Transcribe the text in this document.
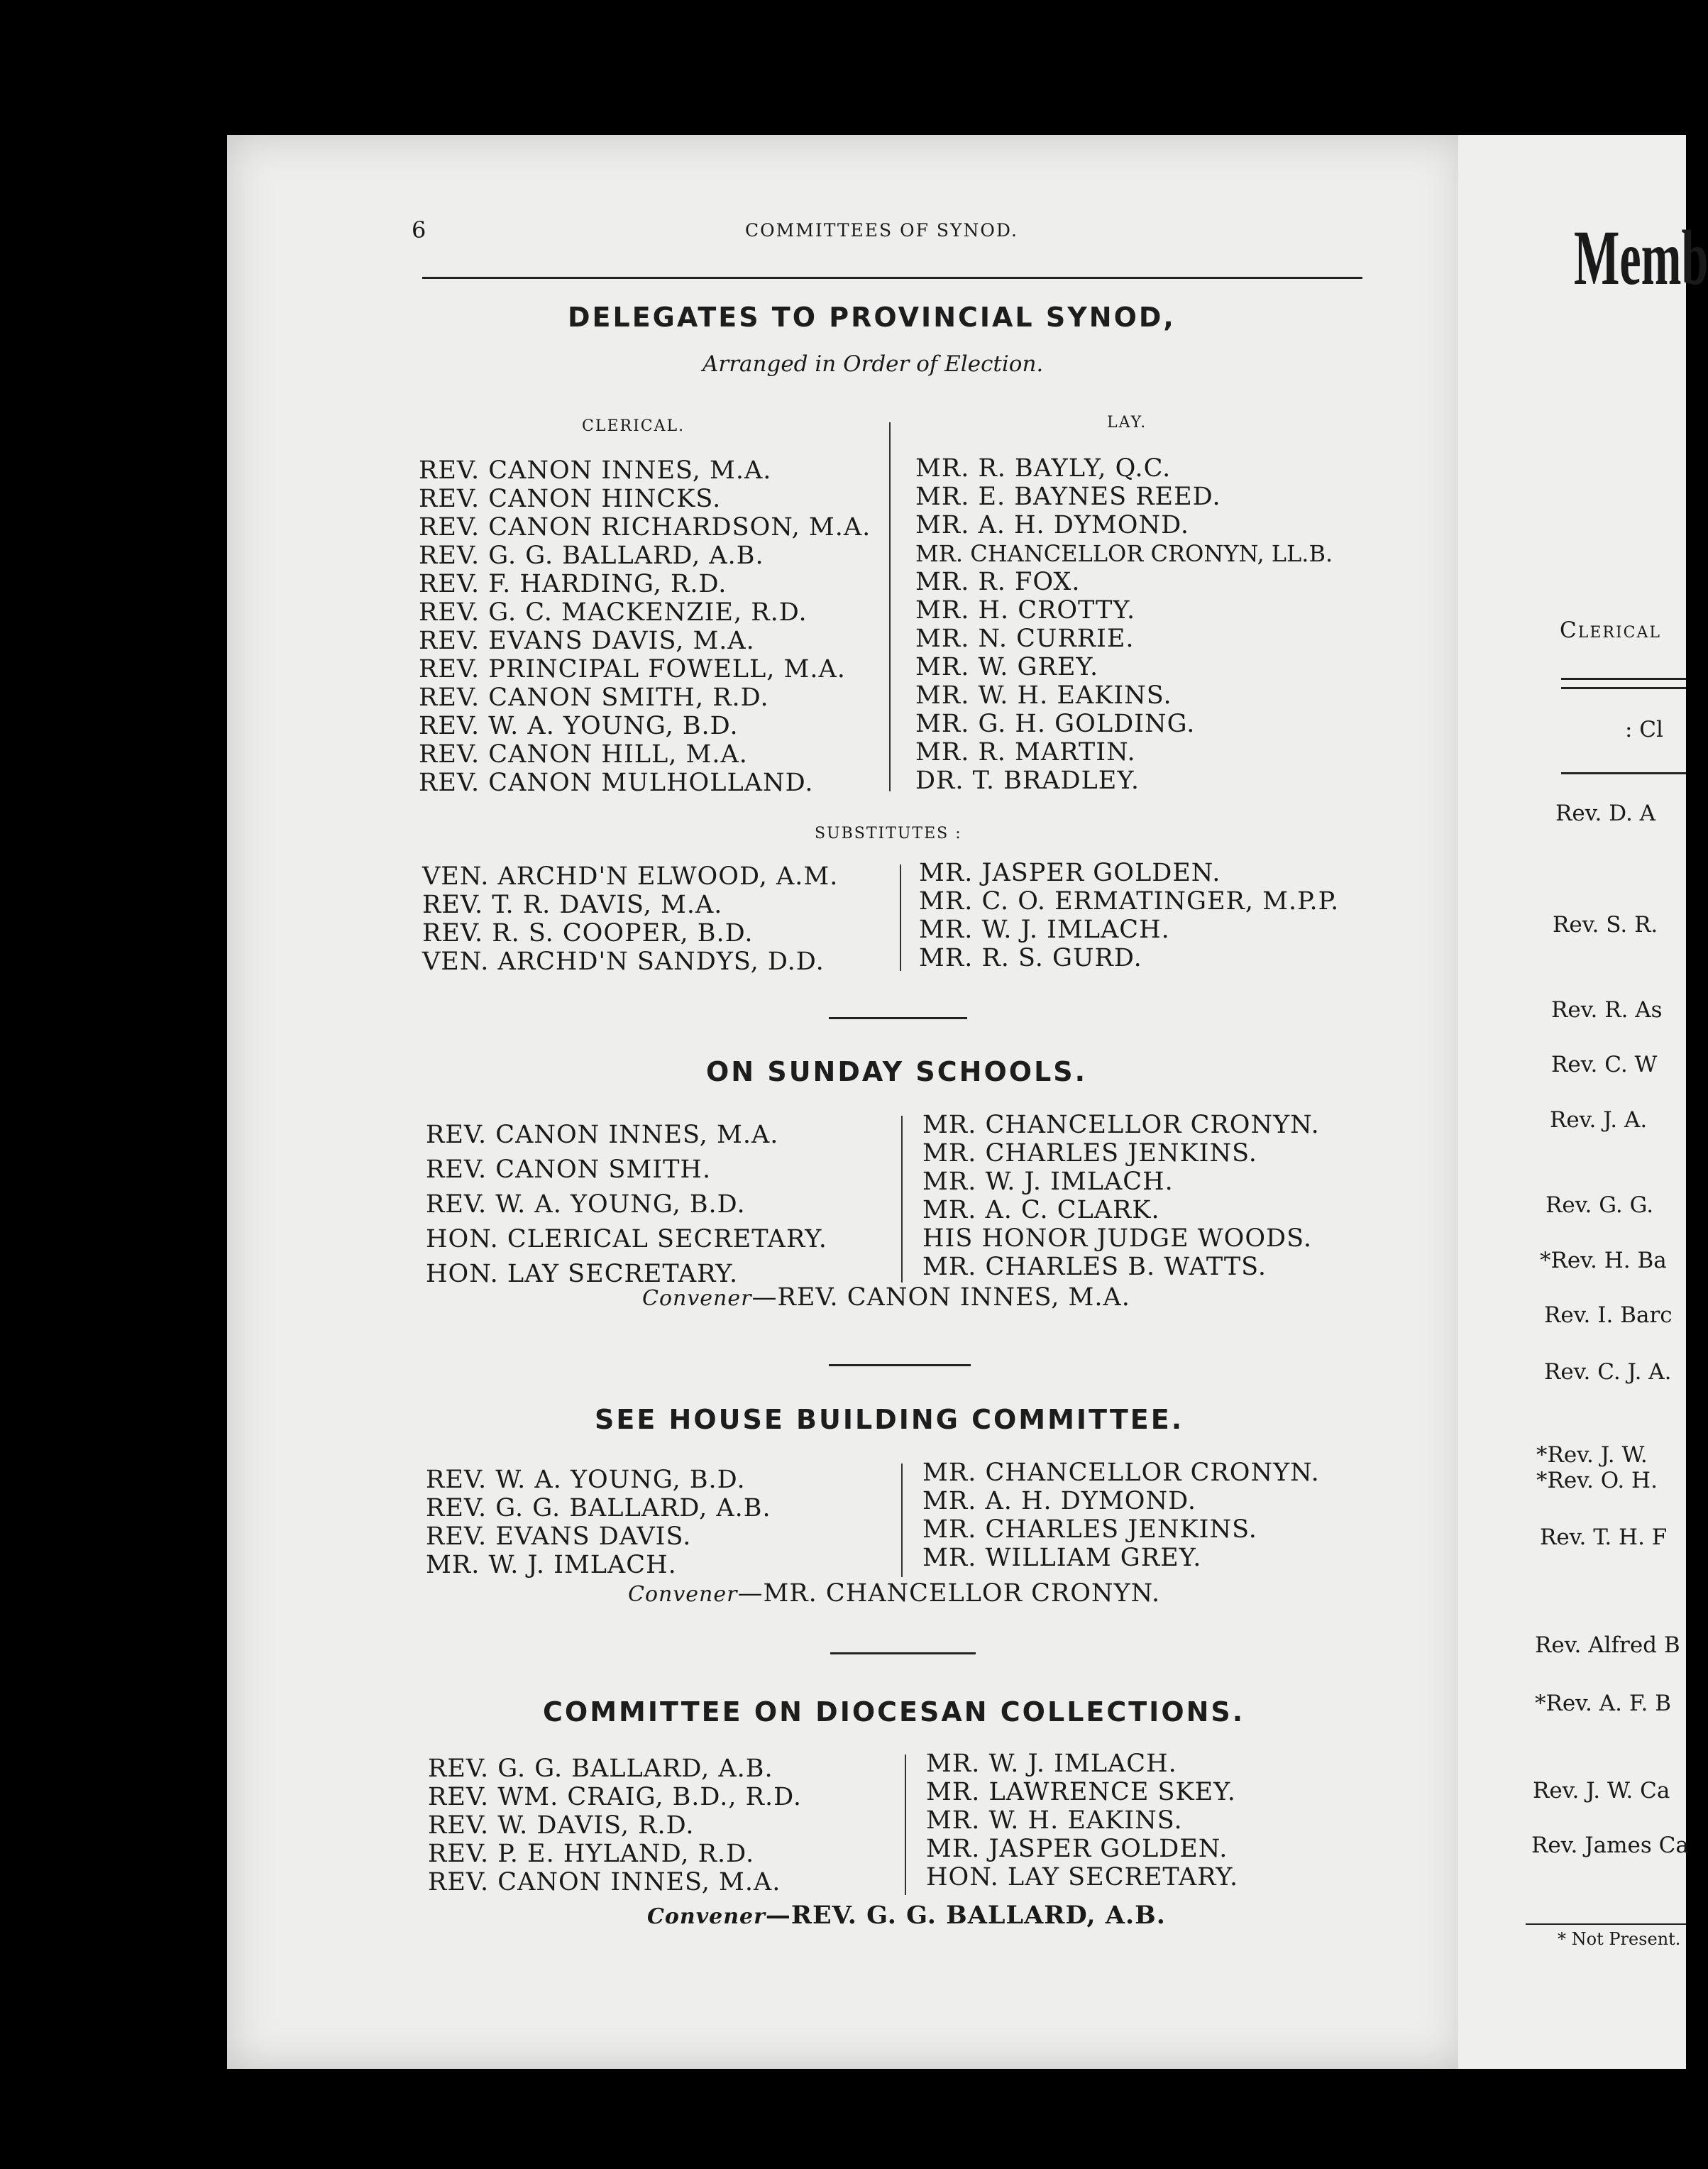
6	COMMITTEES OF SYNOD.
DELEGATES TO PROVINCIAL SYNOD,
Arranged in Order of Election.
CLERICAL.	LAY.
REV. CANON INNES, M.A.
REV. CANON HINCKS.
REV. CANON RICHARDSON, M.A.
REV. G. G. BALLARD, A.B.
REV. F. HARDING, R.D.
REV. G. C. MACKENZIE, R.D.
REV. EVANS DAVIS, M.A.
REV. PRINCIPAL FOWELL, M.A.
REV. CANON SMITH, R.D.
REV. W. A. YOUNG, B.D.
REV. CANON HILL, M.A.
REV. CANON MULHOLLAND.
MR. R. BAYLY, Q.C.
MR. E. BAYNES REED.
MR. A. H. DYMOND.
MR. CHANCELLOR CRONYN, LL.B.
MR. R. FOX.
MR. H. CROTTY.
MR. N. CURRIE.
MR. W. GREY.
MR. W. H. EAKINS.
MR. G. H. GOLDING.
MR. R. MARTIN.
DR. T. BRADLEY.
SUBSTITUTES :
VEN. ARCHD'N ELWOOD, A.M.
REV. T. R. DAVIS, M.A.
REV. R. S. COOPER, B.D.
VEN. ARCHD'N SANDYS, D.D.
MR. JASPER GOLDEN.
MR. C. O. ERMATINGER, M.P.P.
MR. W. J. IMLACH.
MR. R. S. GURD.
ON SUNDAY SCHOOLS.
REV. CANON INNES, M.A.
REV. CANON SMITH.
REV. W. A. YOUNG, B.D.
HON. CLERICAL SECRETARY.
HON. LAY SECRETARY.
MR. CHANCELLOR CRONYN.
MR. CHARLES JENKINS.
MR. W. J. IMLACH.
MR. A. C. CLARK.
HIS HONOR JUDGE WOODS.
MR. CHARLES B. WATTS.
Convener—REV. CANON INNES, M.A.
SEE HOUSE BUILDING COMMITTEE.
REV. W. A. YOUNG, B.D.
REV. G. G. BALLARD, A.B.
REV. EVANS DAVIS.
MR. W. J. IMLACH.
MR. CHANCELLOR CRONYN.
MR. A. H. DYMOND.
MR. CHARLES JENKINS.
MR. WILLIAM GREY.
Convener—MR. CHANCELLOR CRONYN.
COMMITTEE ON DIOCESAN COLLECTIONS.
REV. G. G. BALLARD, A.B.
REV. WM. CRAIG, B.D., R.D.
REV. W. DAVIS, R.D.
REV. P. E. HYLAND, R.D.
REV. CANON INNES, M.A.
MR. W. J. IMLACH.
MR. LAWRENCE SKEY.
MR. W. H. EAKINS.
MR. JASPER GOLDEN.
HON. LAY SECRETARY.
Convener—REV. G. G. BALLARD, A.B.
Memb
Clerical
: Cl
Rev. D. A
Rev. S. R.
Rev. R. As
Rev. C. W
Rev. J. A.
Rev. G. G.
*Rev. H. Ba
Rev. I. Barc
Rev. C. J. A.
*Rev. J. W.
*Rev. O. H.
Rev. T. H. F
Rev. Alfred B
*Rev. A. F. B
Rev. J. W. Ca
Rev. James Ca
* Not Present.
